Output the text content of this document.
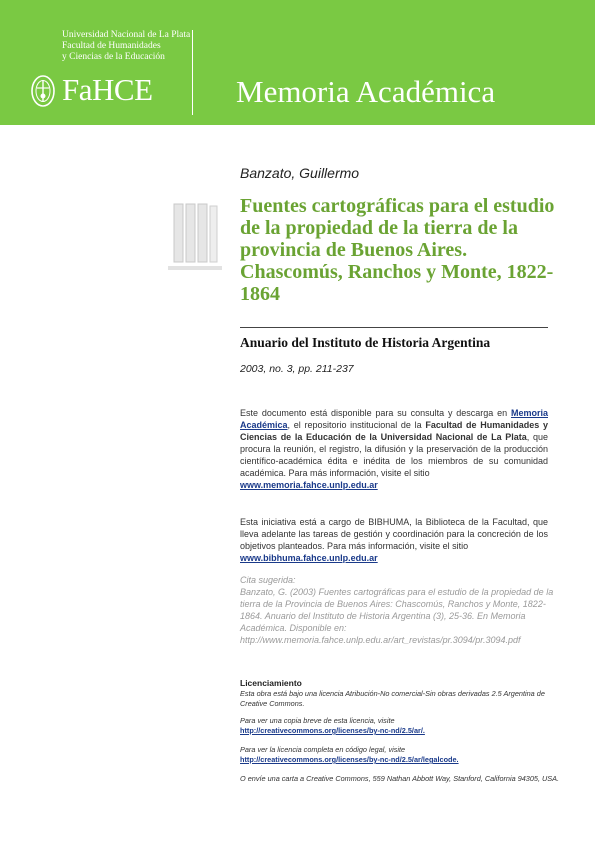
Universidad Nacional de La Plata
Facultad de Humanidades
y Ciencias de la Educación
FaHCE	Memoria Académica
Banzato, Guillermo
Fuentes cartográficas para el estudio de la propiedad de la tierra de la provincia de Buenos Aires. Chascomús, Ranchos y Monte, 1822-1864
Anuario del Instituto de Historia Argentina
2003, no. 3, pp. 211-237
Este documento está disponible para su consulta y descarga en Memoria Académica, el repositorio institucional de la Facultad de Humanidades y Ciencias de la Educación de la Universidad Nacional de La Plata, que procura la reunión, el registro, la difusión y la preservación de la producción científico-académica édita e inédita de los miembros de su comunidad académica. Para más información, visite el sitio
www.memoria.fahce.unlp.edu.ar
Esta iniciativa está a cargo de BIBHUMA, la Biblioteca de la Facultad, que lleva adelante las tareas de gestión y coordinación para la concreción de los objetivos planteados. Para más información, visite el sitio
www.bibhuma.fahce.unlp.edu.ar
Cita sugerida:
Banzato, G. (2003) Fuentes cartográficas para el estudio de la propiedad de la tierra de la Provincia de Buenos Aires: Chascomús, Ranchos y Monte, 1822-1864. Anuario del Instituto de Historia Argentina (3), 25-36. En Memoria Académica. Disponible en: http://www.memoria.fahce.unlp.edu.ar/art_revistas/pr.3094/pr.3094.pdf
Licenciamiento
Esta obra está bajo una licencia Atribución-No comercial-Sin obras derivadas 2.5 Argentina de Creative Commons.
Para ver una copia breve de esta licencia, visite
http://creativecommons.org/licenses/by-nc-nd/2.5/ar/.
Para ver la licencia completa en código legal, visite
http://creativecommons.org/licenses/by-nc-nd/2.5/ar/legalcode.
O envíe una carta a Creative Commons, 559 Nathan Abbott Way, Stanford, California 94305, USA.
